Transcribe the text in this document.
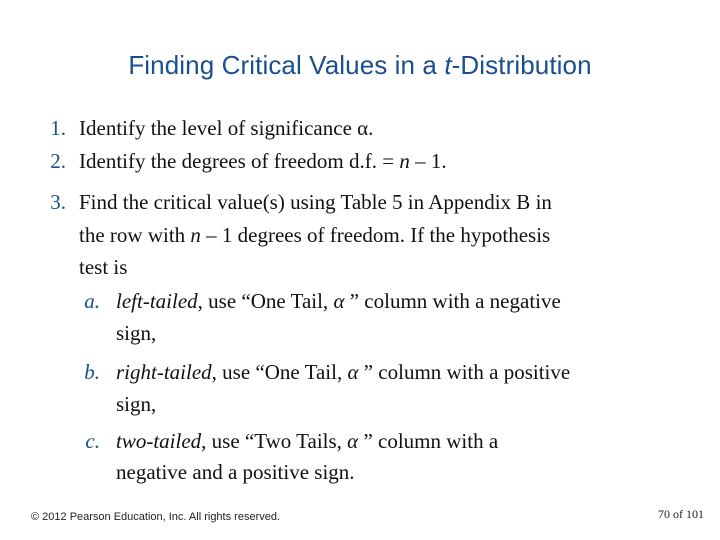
Finding Critical Values in a t-Distribution
1. Identify the level of significance α.
2. Identify the degrees of freedom d.f. = n – 1.
3. Find the critical value(s) using Table 5 in Appendix B in
the row with n – 1 degrees of freedom. If the hypothesis
test is
a. left-tailed, use “One Tail, α ” column with a negative
sign,
b. right-tailed, use “One Tail, α ” column with a positive
sign,
c. two-tailed, use “Two Tails, α ” column with a
negative and a positive sign.
© 2012 Pearson Education, Inc. All rights reserved.	70 of 101
